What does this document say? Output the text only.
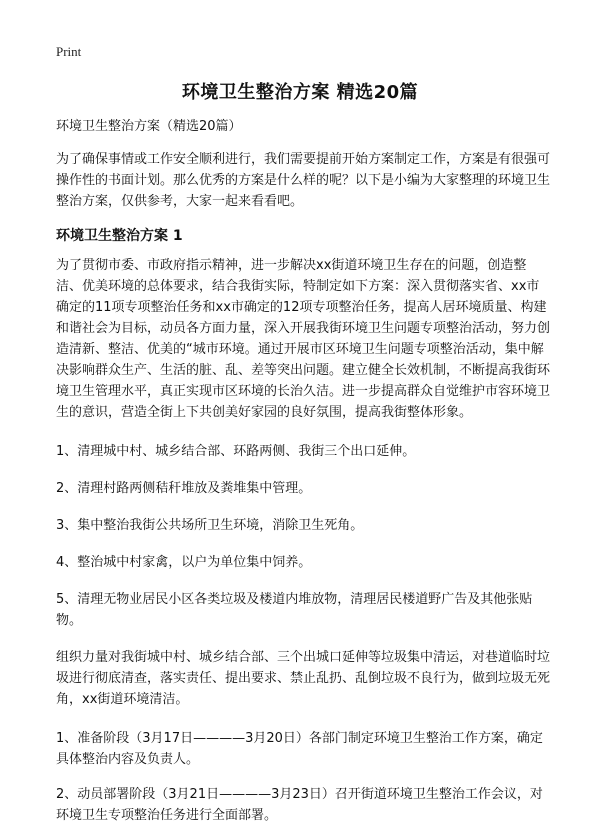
Print
环境卫生整治方案 精选20篇

环境卫生整治方案（精选20篇）

为了确保事情或工作安全顺利进行，我们需要提前开始方案制定工作，方案是有很强可操作性的书面计划。那么优秀的方案是什么样的呢？以下是小编为大家整理的环境卫生整治方案，仅供参考，大家一起来看看吧。

环境卫生整治方案 1

为了贯彻市委、市政府指示精神，进一步解决xx街道环境卫生存在的问题，创造整洁、优美环境的总体要求，结合我街实际，特制定如下方案：深入贯彻落实省、xx市确定的11项专项整治任务和xx市确定的12项专项整治任务，提高人居环境质量、构建和谐社会为目标，动员各方面力量，深入开展我街环境卫生问题专项整治活动，努力创造清新、整洁、优美的“城市环境。通过开展市区环境卫生问题专项整治活动，集中解决影响群众生产、生活的脏、乱、差等突出问题。建立健全长效机制，不断提高我街环境卫生管理水平，真正实现市区环境的长治久洁。进一步提高群众自觉维护市容环境卫生的意识，营造全街上下共创美好家园的良好氛围，提高我街整体形象。

1、清理城中村、城乡结合部、环路两侧、我街三个出口延伸。

2、清理村路两侧秸秆堆放及粪堆集中管理。

3、集中整治我街公共场所卫生环境，消除卫生死角。

4、整治城中村家禽，以户为单位集中饲养。

5、清理无物业居民小区各类垃圾及楼道内堆放物，清理居民楼道野广告及其他张贴物。

组织力量对我街城中村、城乡结合部、三个出城口延伸等垃圾集中清运，对巷道临时垃圾进行彻底清查，落实责任、提出要求、禁止乱扔、乱倒垃圾不良行为，做到垃圾无死角，xx街道环境清洁。

1、准备阶段（3月17日————3月20日）各部门制定环境卫生整治工作方案，确定具体整治内容及负责人。

2、动员部署阶段（3月21日————3月23日）召开街道环境卫生整治工作会议，对环境卫生专项整治任务进行全面部署。
